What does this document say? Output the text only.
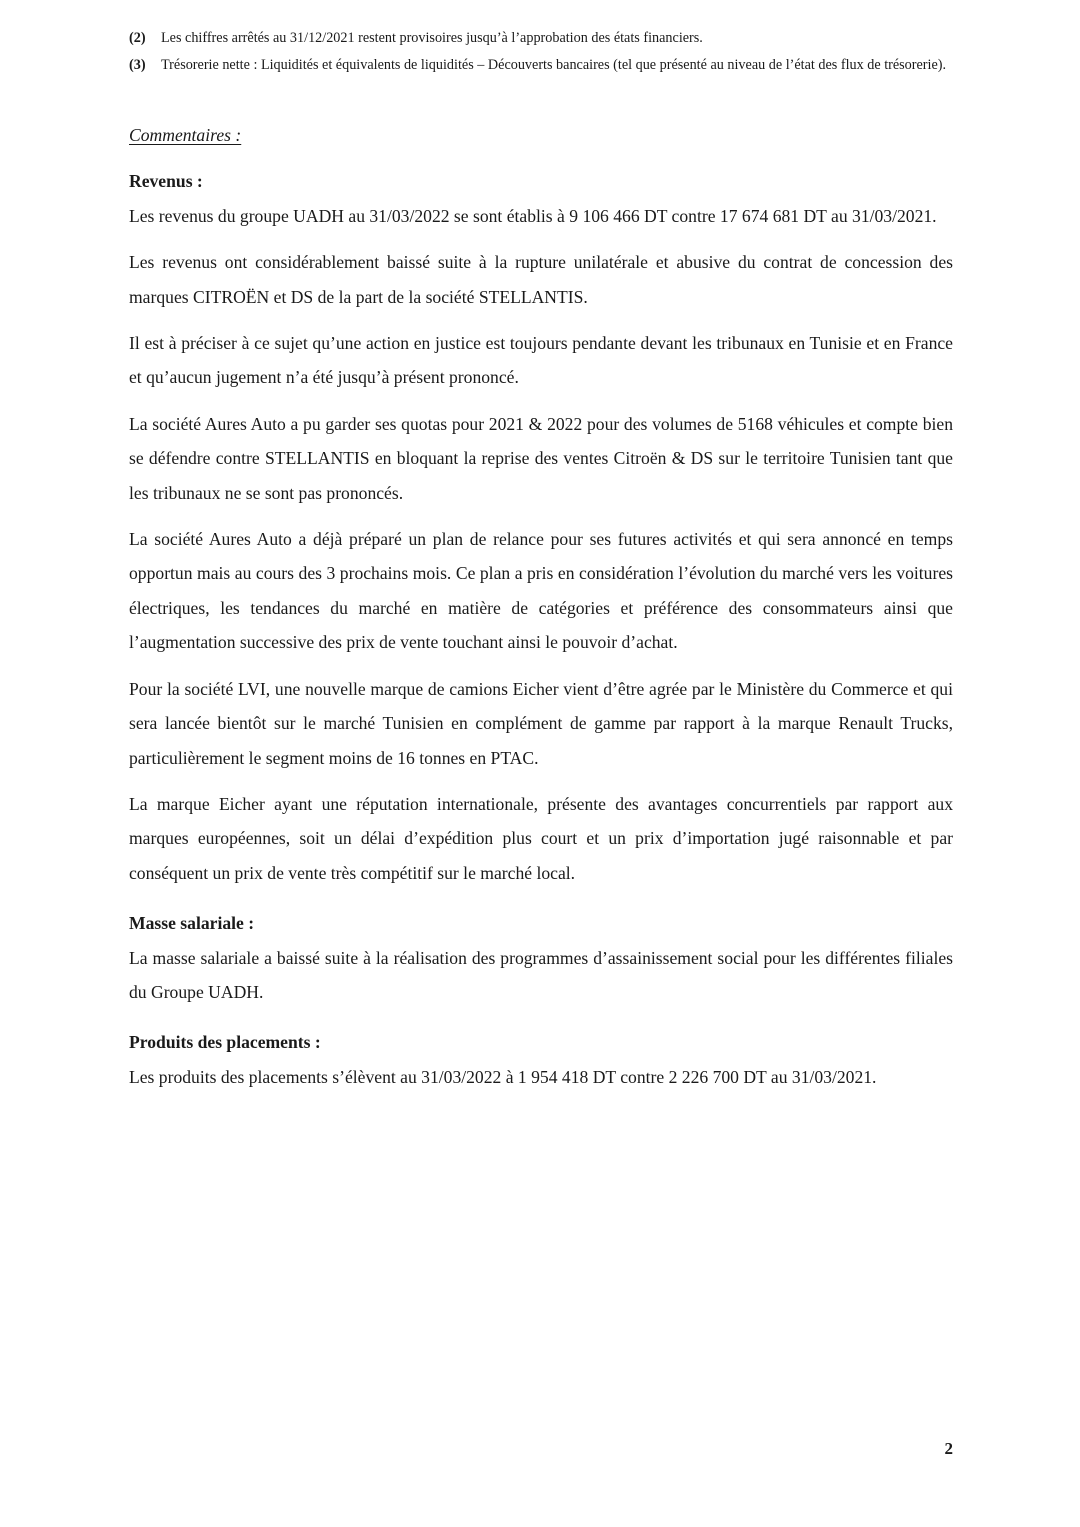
(2)	Les chiffres arrêtés au 31/12/2021 restent provisoires jusqu’à l’approbation des états financiers.
(3)	Trésorerie nette : Liquidités et équivalents de liquidités – Découverts bancaires (tel que présenté au niveau de l’état des flux de trésorerie).

Commentaires :

Revenus :

Les revenus du groupe UADH au 31/03/2022 se sont établis à 9 106 466 DT contre 17 674 681 DT au 31/03/2021.

Les revenus ont considérablement baissé suite à la rupture unilatérale et abusive du contrat de concession des marques CITROËN et DS de la part de la société STELLANTIS.

Il est à préciser à ce sujet qu’une action en justice est toujours pendante devant les tribunaux en Tunisie et en France et qu’aucun jugement n’a été jusqu’à présent prononcé.

La société Aures Auto a pu garder ses quotas pour 2021 & 2022 pour des volumes de 5168 véhicules et compte bien se défendre contre STELLANTIS en bloquant la reprise des ventes Citroën & DS sur le territoire Tunisien tant que les tribunaux ne se sont pas prononcés.

La société Aures Auto a déjà préparé un plan de relance pour ses futures activités et qui sera annoncé en temps opportun mais au cours des 3 prochains mois. Ce plan a pris en considération l’évolution du marché vers les voitures électriques, les tendances du marché en matière de catégories et préférence des consommateurs ainsi que l’augmentation successive des prix de vente touchant ainsi le pouvoir d’achat.

Pour la société LVI, une nouvelle marque de camions Eicher vient d’être agrée par le Ministère du Commerce et qui sera lancée bientôt sur le marché Tunisien en complément de gamme par rapport à la marque Renault Trucks, particulièrement le segment moins de 16 tonnes en PTAC.

La marque Eicher ayant une réputation internationale, présente des avantages concurrentiels par rapport aux marques européennes, soit un délai d’expédition plus court et un prix d’importation jugé raisonnable et par conséquent un prix de vente très compétitif sur le marché local.

Masse salariale :

La masse salariale a baissé suite à la réalisation des programmes d’assainissement social pour les différentes filiales du Groupe UADH.

Produits des placements :

Les produits des placements s’élèvent au 31/03/2022 à 1 954 418 DT contre 2 226 700 DT au 31/03/2021.

2
